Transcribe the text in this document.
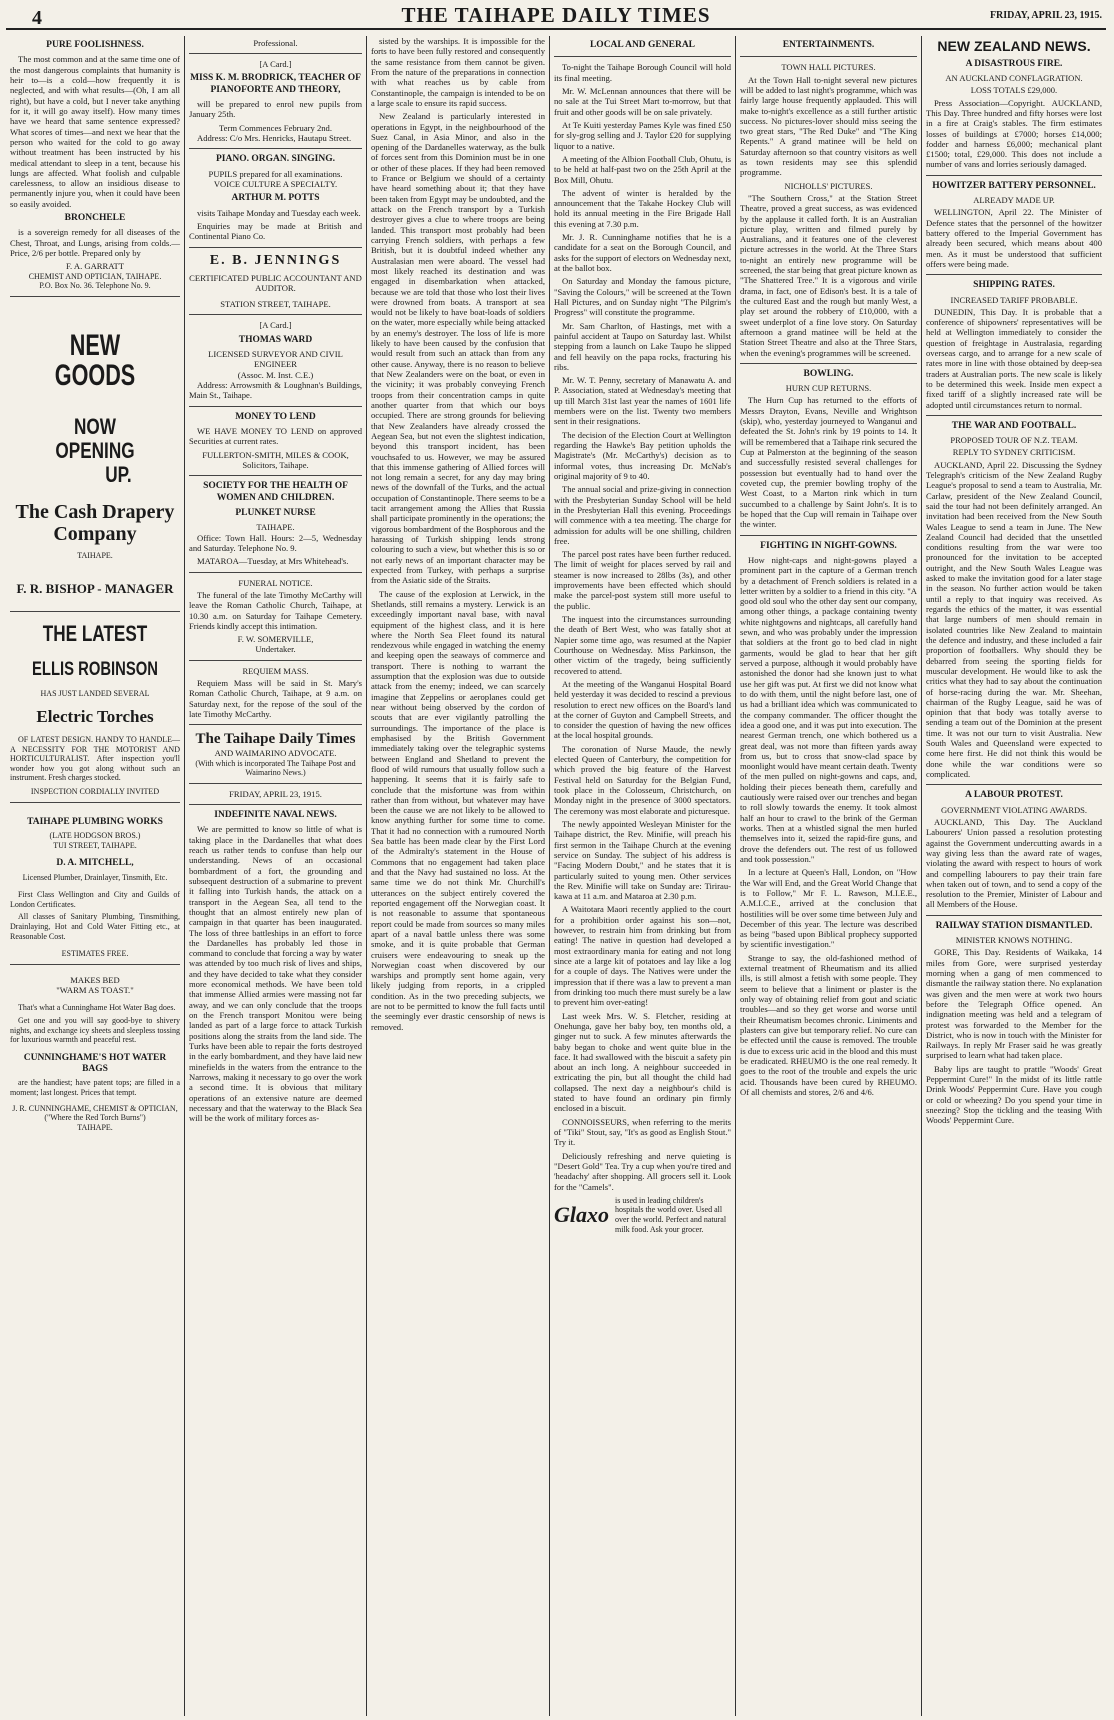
4	THE TAIHAPE DAILY TIMES	FRIDAY, APRIL 23, 1915.
PURE FOOLISHNESS.

The most common and at the same time one of the most dangerous complaints that humanity is heir to—is a cold—how frequently it is neglected, and with what results—(Oh, I am all right), but have a cold, but I never take anything for it, it will go away itself). How many times have we heard that same sentence expressed? What scores of times—and next we hear that the person who waited for the cold to go away without treatment has been instructed by his medical attendant to sleep in a tent, because his lungs are affected. What foolish and culpable carelessness, to allow an insidious disease to permanently injure you, when it could have been so easily avoided.

BRONCHELE

is a sovereign remedy for all diseases of the Chest, Throat, and Lungs, arising from colds.—Price, 2/6 per bottle. Prepared only by

F. A. GARRATT
CHEMIST AND OPTICIAN, TAIHAPE.
P.O. Box No. 36. Telephone No. 9.
NEW GOODS
NOW
OPENING
UP.
The Cash Drapery Company
TAIHAPE.
F. R. BISHOP - MANAGER
THE LATEST
ELLIS ROBINSON
HAS JUST LANDED SEVERAL
Electric Torches

OF LATEST DESIGN. HANDY TO HANDLE—A NECESSITY FOR THE MOTORIST AND HORTICULTURALIST. After inspection you'll wonder how you got along without such an instrument. Fresh charges stocked.

INSPECTION CORDIALLY INVITED
TAIHAPE PLUMBING WORKS
(LATE HODGSON BROS.)
TUI STREET, TAIHAPE.
D. A. MITCHELL,
Licensed Plumber, Drainlayer, Tinsmith, Etc.

First Class Wellington and City and Guilds of London Certificates.

All classes of Sanitary Plumbing, Tinsmithing, Drainlaying, Hot and Cold Water Fitting etc., at Reasonable Cost.

ESTIMATES FREE.
MAKES BED
"WARM AS TOAST."

That's what a Cunninghame Hot Water Bag does.

Get one and you will say good-bye to shivery nights, and exchange icy sheets and sleepless tossing for luxurious warmth and peaceful rest.

CUNNINGHAME'S HOT WATER BAGS

are the handiest; have patent tops; are filled in a moment; last longest. Prices that tempt.

J. R. CUNNINGHAME, CHEMIST & OPTICIAN,
("Where the Red Torch Burns")
TAIHAPE.
Professional.
[A Card.]
MISS K. M. BRODRICK, TEACHER OF PIANOFORTE AND THEORY,

will be prepared to enrol new pupils from January 25th.

Term Commences February 2nd.

Address: C/o Mrs. Henricks, Hautapu Street.

PIANO. ORGAN. SINGING.
PUPILS prepared for all examinations.
VOICE CULTURE A SPECIALTY.
ARTHUR M. POTTS

visits Taihape Monday and Tuesday each week.

Enquiries may be made at British and Continental Piano Co.

E. B. JENNINGS
CERTIFICATED PUBLIC ACCOUNTANT AND AUDITOR.
STATION STREET, TAIHAPE.
[A Card.]
THOMAS WARD
LICENSED SURVEYOR AND CIVIL ENGINEER
(Assoc. M. Inst. C.E.)

Address: Arrowsmith & Loughnan's Buildings, Main St., Taihape.

MONEY TO LEND

WE HAVE MONEY TO LEND on approved Securities at current rates.

FULLERTON-SMITH, MILES & COOK,
Solicitors, Taihape.
SOCIETY FOR THE HEALTH OF WOMEN AND CHILDREN.
PLUNKET NURSE
TAIHAPE.

Office: Town Hall. Hours: 2—5, Wednesday and Saturday. Telephone No. 9.

MATAROA—Tuesday, at Mrs Whitehead's.

FUNERAL NOTICE.

The funeral of the late Timothy McCarthy will leave the Roman Catholic Church, Taihape, at 10.30 a.m. on Saturday for Taihape Cemetery. Friends kindly accept this intimation.

F. W. SOMERVILLE,
Undertaker.
REQUIEM MASS.

Requiem Mass will be said in St. Mary's Roman Catholic Church, Taihape, at 9 a.m. on Saturday next, for the repose of the soul of the late Timothy McCarthy.

The Taihape Daily Times
AND WAIMARINO ADVOCATE.
(With which is incorporated The Taihape Post and Waimarino News.)
FRIDAY, APRIL 23, 1915.
INDEFINITE NAVAL NEWS.

We are permitted to know so little of what is taking place in the Dardanelles that what does reach us rather tends to confuse than help our understanding. News of an occasional bombardment of a fort, the grounding and subsequent destruction of a submarine to prevent it falling into Turkish hands, the attack on a transport in the Aegean Sea, all tend to the thought that an almost entirely new plan of campaign in that quarter has been inaugurated. The loss of three battleships in an effort to force the Dardanelles has probably led those in command to conclude that forcing a way by water was attended by too much risk of lives and ships, and they have decided to take what they consider more economical methods. We have been told that immense Allied armies were massing not far away, and we can only conclude that the troops on the French transport Monitou were being landed as part of a large force to attack Turkish positions along the straits from the land side. The Turks have been able to repair the forts destroyed in the early bombardment, and they have laid new minefields in the waters from the entrance to the Narrows, making it necessary to go over the work a second time. It is obvious that military operations of an extensive nature are deemed necessary and that the waterway to the Black Sea will be the work of military forces as-

sisted by the warships. It is impossible for the forts to have been fully restored and consequently the same resistance from them cannot be given. From the nature of the preparations in connection with what reaches us by cable from Constantinople, the campaign is intended to be on a large scale to ensure its rapid success.

New Zealand is particularly interested in operations in Egypt, in the neighbourhood of the Suez Canal, in Asia Minor, and also in the opening of the Dardanelles waterway, as the bulk of forces sent from this Dominion must be in one or other of these places. If they had been removed to France or Belgium we should of a certainty have heard something about it; that they have been taken from Egypt may be undoubted, and the attack on the French transport by a Turkish destroyer gives a clue to where troops are being landed. This transport most probably had been carrying French soldiers, with perhaps a few British, but it is doubtful indeed whether any Australasian men were aboard. The vessel had most likely reached its destination and was engaged in disembarkation when attacked, because we are told that those who lost their lives were drowned from boats. A transport at sea would not be likely to have boat-loads of soldiers on the water, more especially while being attacked by an enemy's destroyer. The loss of life is more likely to have been caused by the confusion that would result from such an attack than from any other cause. Anyway, there is no reason to believe that New Zealanders were on the boat, or even in the vicinity; it was probably conveying French troops from their concentration camps in quite another quarter from that which our boys occupied. There are strong grounds for believing that New Zealanders have already crossed the Aegean Sea, but not even the slightest indication, beyond this transport incident, has been vouchsafed to us. However, we may be assured that this immense gathering of Allied forces will not long remain a secret, for any day may bring news of the downfall of the Turks, and the actual occupation of Constantinople. There seems to be a tacit arrangement among the Allies that Russia shall participate prominently in the operations; the vigorous bombardment of the Bosphorous and the harassing of Turkish shipping lends strong colouring to such a view, but whether this is so or not early news of an important character may be expected from Turkey, with perhaps a surprise from the Asiatic side of the Straits.

The cause of the explosion at Lerwick, in the Shetlands, still remains a mystery. Lerwick is an exceedingly important naval base, with naval equipment of the highest class, and it is here where the North Sea Fleet found its natural rendezvous while engaged in watching the enemy and keeping open the seaways of commerce and transport. There is nothing to warrant the assumption that the explosion was due to outside attack from the enemy; indeed, we can scarcely imagine that Zeppelins or aeroplanes could get near without being observed by the cordon of scouts that are ever vigilantly patrolling the surroundings. The importance of the place is emphasised by the British Government immediately taking over the telegraphic systems between England and Shetland to prevent the flood of wild rumours that usually follow such a happening. It seems that it is fairly safe to conclude that the misfortune was from within rather than from without, but whatever may have been the cause we are not likely to be allowed to know anything further for some time to come. That it had no connection with a rumoured North Sea battle has been made clear by the First Lord of the Admiralty's statement in the House of Commons that no engagement had taken place and that the Navy had sustained no loss. At the same time we do not think Mr. Churchill's utterances on the subject entirely covered the reported engagement off the Norwegian coast. It is not reasonable to assume that spontaneous report could be made from sources so many miles apart of a naval battle unless there was some smoke, and it is quite probable that German cruisers were endeavouring to sneak up the Norwegian coast when discovered by our warships and promptly sent home again, very likely judging from reports, in a crippled condition. As in the two preceding subjects, we are not to be permitted to know the full facts until the seemingly ever drastic censorship of news is removed.

LOCAL AND GENERAL

To-night the Taihape Borough Council will hold its final meeting.

Mr. W. McLennan announces that there will be no sale at the Tui Street Mart to-morrow, but that fruit and other goods will be on sale privately.

At Te Kuiti yesterday Pames Kyle was fined £50 for sly-grog selling and J. Taylor £20 for supplying liquor to a native.

A meeting of the Albion Football Club, Ohutu, is to be held at half-past two on the 25th April at the Box Mill, Ohutu.

The advent of winter is heralded by the announcement that the Takahe Hockey Club will hold its annual meeting in the Fire Brigade Hall this evening at 7.30 p.m.

Mr. J. R. Cunninghame notifies that he is a candidate for a seat on the Borough Council, and asks for the support of electors on Wednesday next, at the ballot box.

On Saturday and Monday the famous picture, "Saving the Colours," will be screened at the Town Hall Pictures, and on Sunday night "The Pilgrim's Progress" will constitute the programme.

Mr. Sam Charlton, of Hastings, met with a painful accident at Taupo on Saturday last. Whilst stepping from a launch on Lake Taupo he slipped and fell heavily on the papa rocks, fracturing his ribs.

Mr. W. T. Penny, secretary of Manawatu A. and P. Association, stated at Wednesday's meeting that up till March 31st last year the names of 1601 life members were on the list. Twenty two members sent in their resignations.

The decision of the Election Court at Wellington regarding the Hawke's Bay petition upholds the Magistrate's (Mr. McCarthy's) decision as to informal votes, thus increasing Dr. McNab's original majority of 9 to 40.

The annual social and prize-giving in connection with the Presbyterian Sunday School will be held in the Presbyterian Hall this evening. Proceedings will commence with a tea meeting. The charge for admission for adults will be one shilling, children free.

The parcel post rates have been further reduced. The limit of weight for places served by rail and steamer is now increased to 28lbs (3s), and other improvements have been effected which should make the parcel-post system still more useful to the public.

The inquest into the circumstances surrounding the death of Bert West, who was fatally shot at Napier some time ago, was resumed at the Napier Courthouse on Wednesday. Miss Parkinson, the other victim of the tragedy, being sufficiently recovered to attend.

At the meeting of the Wanganui Hospital Board held yesterday it was decided to rescind a previous resolution to erect new offices on the Board's land at the corner of Guyton and Campbell Streets, and to consider the question of having the new offices at the local hospital grounds.

The coronation of Nurse Maude, the newly elected Queen of Canterbury, the competition for which proved the big feature of the Harvest Festival held on Saturday for the Belgian Fund, took place in the Colosseum, Christchurch, on Monday night in the presence of 3000 spectators. The ceremony was most elaborate and picturesque.

The newly appointed Wesleyan Minister for the Taihape district, the Rev. Minifie, will preach his first sermon in the Taihape Church at the evening service on Sunday. The subject of his address is "Facing Modern Doubt," and he states that it is particularly suited to young men. Other services the Rev. Minifie will take on Sunday are: Tirirau-kawa at 11 a.m. and Mataroa at 2.30 p.m.

A Waitotara Maori recently applied to the court for a prohibition order against his son—not, however, to restrain him from drinking but from eating! The native in question had developed a most extraordinary mania for eating and not long since ate a large kit of potatoes and lay like a log for a couple of days. The Natives were under the impression that if there was a law to prevent a man from drinking too much there must surely be a law to prevent him over-eating!

Last week Mrs. W. S. Fletcher, residing at Onehunga, gave her baby boy, ten months old, a ginger nut to suck. A few minutes afterwards the baby began to choke and went quite blue in the face. It had swallowed with the biscuit a safety pin about an inch long. A neighbour succeeded in extricating the pin, but all thought the child had collapsed. The next day a neighbour's child is stated to have found an ordinary pin firmly enclosed in a biscuit.

CONNOISSEURS, when referring to the merits of "Tiki" Stout, say, "It's as good as English Stout." Try it.

Deliciously refreshing and nerve quieting is "Desert Gold" Tea. Try a cup when you're tired and 'headachy' after shopping. All grocers sell it. Look for the "Camels".

Glaxo
is used in leading children's hospitals the world over. Used all over the world. Perfect and natural milk food. Ask your grocer.
ENTERTAINMENTS.
TOWN HALL PICTURES.

At the Town Hall to-night several new pictures will be added to last night's programme, which was fairly large house frequently applauded. This will make to-night's excellence as a still further artistic success. No pictures-lover should miss seeing the two great stars, "The Red Duke" and "The King Repents." A grand matinee will be held on Saturday afternoon so that country visitors as well as town residents may see this splendid programme.

NICHOLLS' PICTURES.

"The Southern Cross," at the Station Street Theatre, proved a great success, as was evidenced by the applause it called forth. It is an Australian picture play, written and filmed purely by Australians, and it features one of the cleverest picture actresses in the world. At the Three Stars to-night an entirely new programme will be screened, the star being that great picture known as "The Shattered Tree." It is a vigorous and virile drama, in fact, one of Edison's best. It is a tale of the cultured East and the rough but manly West, a play set around the robbery of £10,000, with a sweet underplot of a fine love story. On Saturday afternoon a grand matinee will be held at the Station Street Theatre and also at the Three Stars, when the evening's programmes will be screened.

BOWLING.
HURN CUP RETURNS.

The Hurn Cup has returned to the efforts of Messrs Drayton, Evans, Neville and Wrightson (skip), who, yesterday journeyed to Wanganui and defeated the St. John's rink by 19 points to 14. It will be remembered that a Taihape rink secured the Cup at Palmerston at the beginning of the season and successfully resisted several challenges for possession but eventually had to hand over the coveted cup, the premier bowling trophy of the West Coast, to a Marton rink which in turn succumbed to a challenge by Saint John's. It is to be hoped that the Cup will remain in Taihape over the winter.

FIGHTING IN NIGHT-GOWNS.

How night-caps and night-gowns played a prominent part in the capture of a German trench by a detachment of French soldiers is related in a letter written by a soldier to a friend in this city. "A good old soul who the other day sent our company, among other things, a package containing twenty white nightgowns and nightcaps, all carefully hand sewn, and who was probably under the impression that soldiers at the front go to bed clad in night garments, would be glad to hear that her gift served a purpose, although it would probably have astonished the donor had she known just to what use her gift was put. At first we did not know what to do with them, until the night before last, one of us had a brilliant idea which was communicated to the company commander. The officer thought the idea a good one, and it was put into execution. The nearest German trench, one which bothered us a great deal, was not more than fifteen yards away from us, but to cross that snow-clad space by moonlight would have meant certain death. Twenty of the men pulled on night-gowns and caps, and, holding their pieces beneath them, carefully and cautiously were raised over our trenches and began to roll slowly towards the enemy. It took almost half an hour to crawl to the brink of the German works. Then at a whistled signal the men hurled themselves into it, seized the rapid-fire guns, and drove the defenders out. The rest of us followed and took possession."

In a lecture at Queen's Hall, London, on "How the War will End, and the Great World Change that is to Follow," Mr F. L. Rawson, M.I.E.E., A.M.I.C.E., arrived at the conclusion that hostilities will be over some time between July and December of this year. The lecture was described as being "based upon Biblical prophecy supported by scientific investigation."

Strange to say, the old-fashioned method of external treatment of Rheumatism and its allied ills, is still almost a fetish with some people. They seem to believe that a liniment or plaster is the only way of obtaining relief from gout and sciatic troubles—and so they get worse and worse until their Rheumatism becomes chronic. Liniments and plasters can give but temporary relief. No cure can be effected until the cause is removed. The trouble is due to excess uric acid in the blood and this must be eradicated. RHEUMO is the one real remedy. It goes to the root of the trouble and expels the uric acid. Thousands have been cured by RHEUMO. Of all chemists and stores, 2/6 and 4/6.

NEW ZEALAND NEWS.
A DISASTROUS FIRE.
AN AUCKLAND CONFLAGRATION.
LOSS TOTALS £29,000.

Press Association—Copyright. AUCKLAND, This Day. Three hundred and fifty horses were lost in a fire at Craig's stables. The firm estimates losses of buildings at £7000; horses £14,000; fodder and harness £6,000; mechanical plant £1500; total, £29,000. This does not include a number of vans and lorries seriously damaged.

HOWITZER BATTERY PERSONNEL.
ALREADY MADE UP.

WELLINGTON, April 22. The Minister of Defence states that the personnel of the howitzer battery offered to the Imperial Government has already been secured, which means about 400 men. As it must be understood that sufficient offers were being made.

SHIPPING RATES.
INCREASED TARIFF PROBABLE.

DUNEDIN, This Day. It is probable that a conference of shipowners' representatives will be held at Wellington immediately to consider the question of freightage in Australasia, regarding overseas cargo, and to arrange for a new scale of rates more in line with those obtained by deep-sea traders at Australian ports. The new scale is likely to be determined this week. Inside men expect a fixed tariff of a slightly increased rate will be adopted until circumstances return to normal.

THE WAR AND FOOTBALL.
PROPOSED TOUR OF N.Z. TEAM.
REPLY TO SYDNEY CRITICISM.

AUCKLAND, April 22. Discussing the Sydney Telegraph's criticism of the New Zealand Rugby League's proposal to send a team to Australia, Mr. Carlaw, president of the New Zealand Council, said the tour had not been definitely arranged. An invitation had been received from the New South Wales League to send a team in June. The New Zealand Council had decided that the unsettled conditions resulting from the war were too pronounced for the invitation to be accepted outright, and the New South Wales League was asked to make the invitation good for a later stage in the season. No further action would be taken until a reply to that inquiry was received. As regards the ethics of the matter, it was essential that large numbers of men should remain in isolated countries like New Zealand to maintain the defence and industry, and these included a fair proportion of footballers. Why should they be debarred from seeing the sporting fields for muscular development. He would like to ask the critics what they had to say about the continuation of horse-racing during the war. Mr. Sheehan, chairman of the Rugby League, said he was of opinion that that body was totally averse to sending a team out of the Dominion at the present time. It was not our turn to visit Australia. New South Wales and Queensland were expected to come here first. He did not think this would be done while the war conditions were so complicated.

A LABOUR PROTEST.
GOVERNMENT VIOLATING AWARDS.

AUCKLAND, This Day. The Auckland Labourers' Union passed a resolution protesting against the Government undercutting awards in a way giving less than the award rate of wages, violating the award with respect to hours of work and compelling labourers to pay their train fare when taken out of town, and to send a copy of the resolution to the Premier, Minister of Labour and all Members of the House.

RAILWAY STATION DISMANTLED.
MINISTER KNOWS NOTHING.

GORE, This Day. Residents of Waikaka, 14 miles from Gore, were surprised yesterday morning when a gang of men commenced to dismantle the railway station there. No explanation was given and the men were at work two hours before the Telegraph Office opened. An indignation meeting was held and a telegram of protest was forwarded to the Member for the District, who is now in touch with the Minister for Railways. In reply Mr Fraser said he was greatly surprised to learn what had taken place.

Baby lips are taught to prattle "Woods' Great Peppermint Cure!" In the midst of its little rattle Drink Woods' Peppermint Cure. Have you cough or cold or wheezing? Do you spend your time in sneezing? Stop the tickling and the teasing With Woods' Peppermint Cure.
